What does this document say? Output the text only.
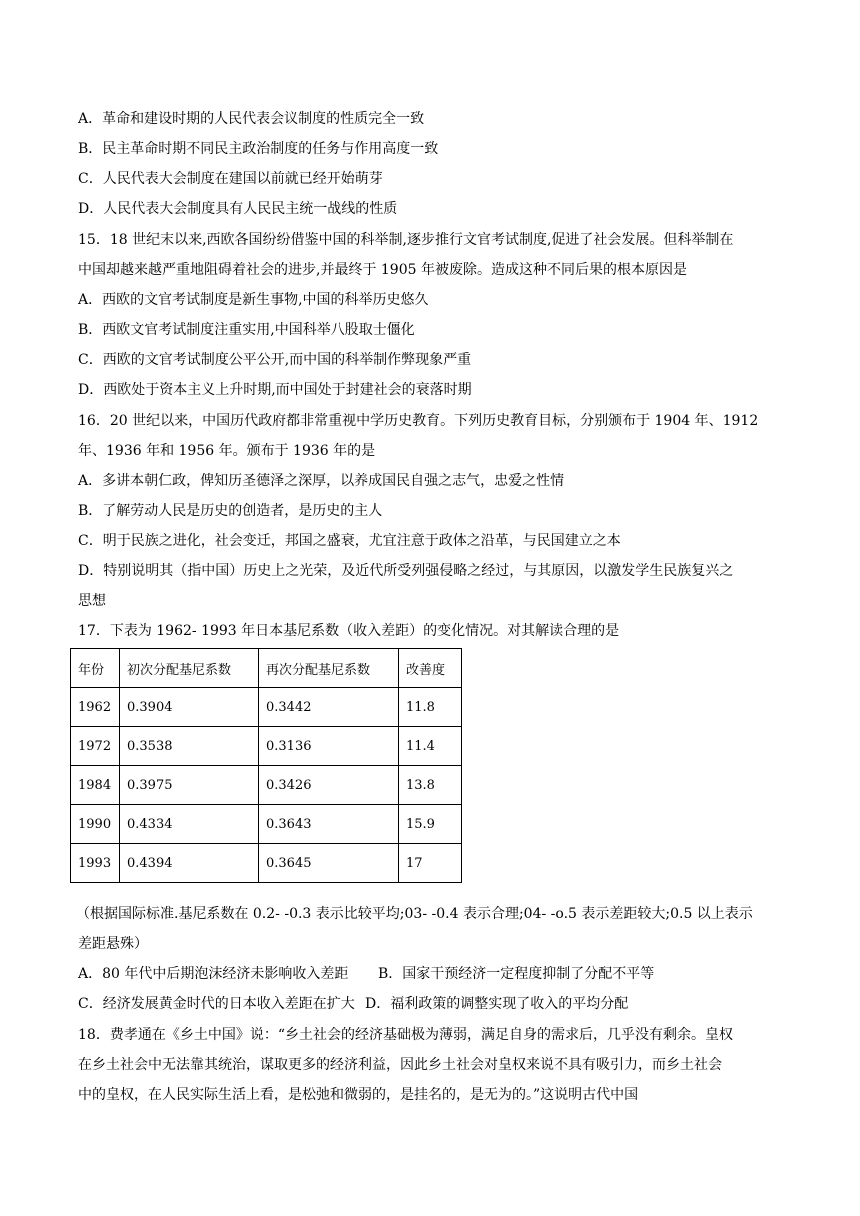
A．革命和建设时期的人民代表会议制度的性质完全一致
B．民主革命时期不同民主政治制度的任务与作用高度一致
C．人民代表大会制度在建国以前就已经开始萌芽
D．人民代表大会制度具有人民民主统一战线的性质
15．18 世纪末以来,西欧各国纷纷借鉴中国的科举制,逐步推行文官考试制度,促进了社会发展。但科举制在
中国却越来越严重地阻碍着社会的进步,并最终于 1905 年被废除。造成这种不同后果的根本原因是
A．西欧的文官考试制度是新生事物,中国的科举历史悠久
B．西欧文官考试制度注重实用,中国科举八股取士僵化
C．西欧的文官考试制度公平公开,而中国的科举制作弊现象严重
D．西欧处于资本主义上升时期,而中国处于封建社会的衰落时期
16．20 世纪以来，中国历代政府都非常重视中学历史教育。下列历史教育目标，分别颁布于 1904 年、1912
年、1936 年和 1956 年。颁布于 1936 年的是
A．多讲本朝仁政，俾知历圣德泽之深厚，以养成国民自强之志气，忠爱之性情
B．了解劳动人民是历史的创造者，是历史的主人
C．明于民族之进化，社会变迁，邦国之盛衰，尤宜注意于政体之沿革，与民国建立之本
D．特别说明其（指中国）历史上之光荣，及近代所受列强侵略之经过，与其原因，以激发学生民族复兴之
思想
17．下表为 1962- 1993 年日本基尼系数（收入差距）的变化情况。对其解读合理的是
年份	初次分配基尼系数	再次分配基尼系数	改善度
1962	0.3904	0.3442	11.8
1972	0.3538	0.3136	11.4
1984	0.3975	0.3426	13.8
1990	0.4334	0.3643	15.9
1993	0.4394	0.3645	17
（根据国际标准.基尼系数在 0.2- -0.3 表示比较平均;03- -0.4 表示合理;04- -o.5 表示差距较大;0.5 以上表示
差距悬殊）
A．80 年代中后期泡沫经济未影响收入差距 B．国家干预经济一定程度抑制了分配不平等
C．经济发展黄金时代的日本收入差距在扩大 D．福利政策的调整实现了收入的平均分配
18．费孝通在《乡土中国》说：“乡土社会的经济基础极为薄弱，满足自身的需求后，几乎没有剩余。皇权
在乡土社会中无法靠其统治，谋取更多的经济利益，因此乡土社会对皇权来说不具有吸引力，而乡土社会
中的皇权，在人民实际生活上看，是松弛和微弱的，是挂名的，是无为的。”这说明古代中国
